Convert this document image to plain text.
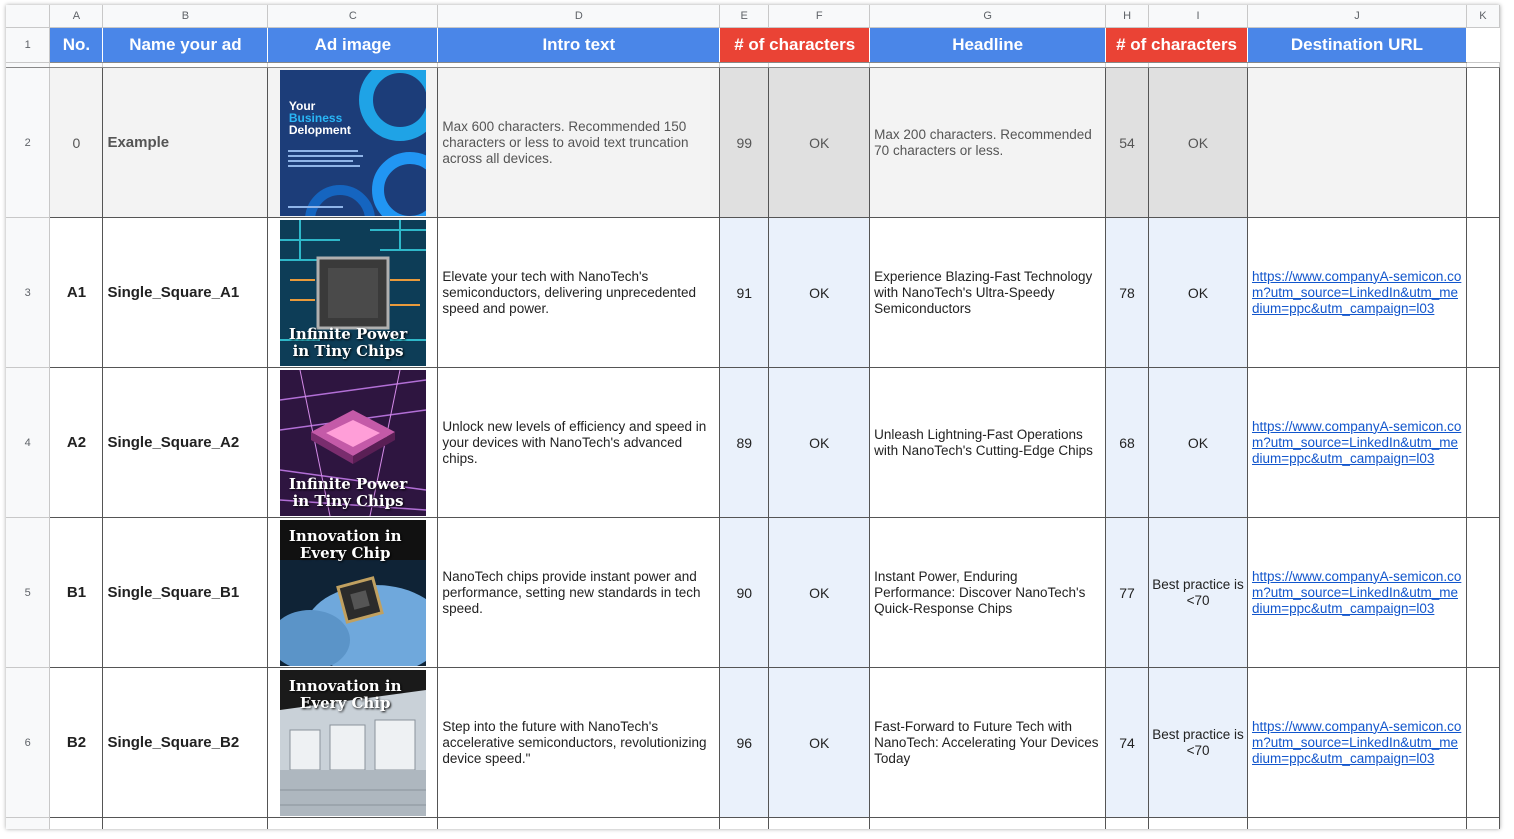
	A	B	C	D	E	F	G	H	I	J	K
1	No.	Name your ad	Ad image	Intro text	# of characters		Headline	# of characters		Destination URL	

2	0	Example	Your
Business
Delopment	Max 600 characters. Recommended 150 characters or less to avoid text truncation across all devices.	99	OK	Max 200 characters. Recommended 70 characters or less.	54	OK		
3	A1	Single_Square_A1	Infinite Power
in Tiny Chips	Elevate your tech with NanoTech's semiconductors, delivering unprecedented speed and power.	91	OK	Experience Blazing-Fast Technology with NanoTech's Ultra-Speedy Semiconductors	78	OK	https://www.companyA-semicon.com?utm_source=LinkedIn&utm_medium=ppc&utm_campaign=l03	
4	A2	Single_Square_A2	Infinite Power
in Tiny Chips	Unlock new levels of efficiency and speed in your devices with NanoTech's advanced chips.	89	OK	Unleash Lightning-Fast Operations with NanoTech's Cutting-Edge Chips	68	OK	https://www.companyA-semicon.com?utm_source=LinkedIn&utm_medium=ppc&utm_campaign=l03	
5	B1	Single_Square_B1	Innovation in
Every Chip	NanoTech chips provide instant power and performance, setting new standards in tech speed.	90	OK	Instant Power, Enduring Performance: Discover NanoTech's Quick-Response Chips	77	Best practice is <70	https://www.companyA-semicon.com?utm_source=LinkedIn&utm_medium=ppc&utm_campaign=l03	
6	B2	Single_Square_B2	Innovation in
Every Chip	Step into the future with NanoTech's accelerative semiconductors, revolutionizing device speed."	96	OK	Fast-Forward to Future Tech with NanoTech: Accelerating Your Devices Today	74	Best practice is <70	https://www.companyA-semicon.com?utm_source=LinkedIn&utm_medium=ppc&utm_campaign=l03	
